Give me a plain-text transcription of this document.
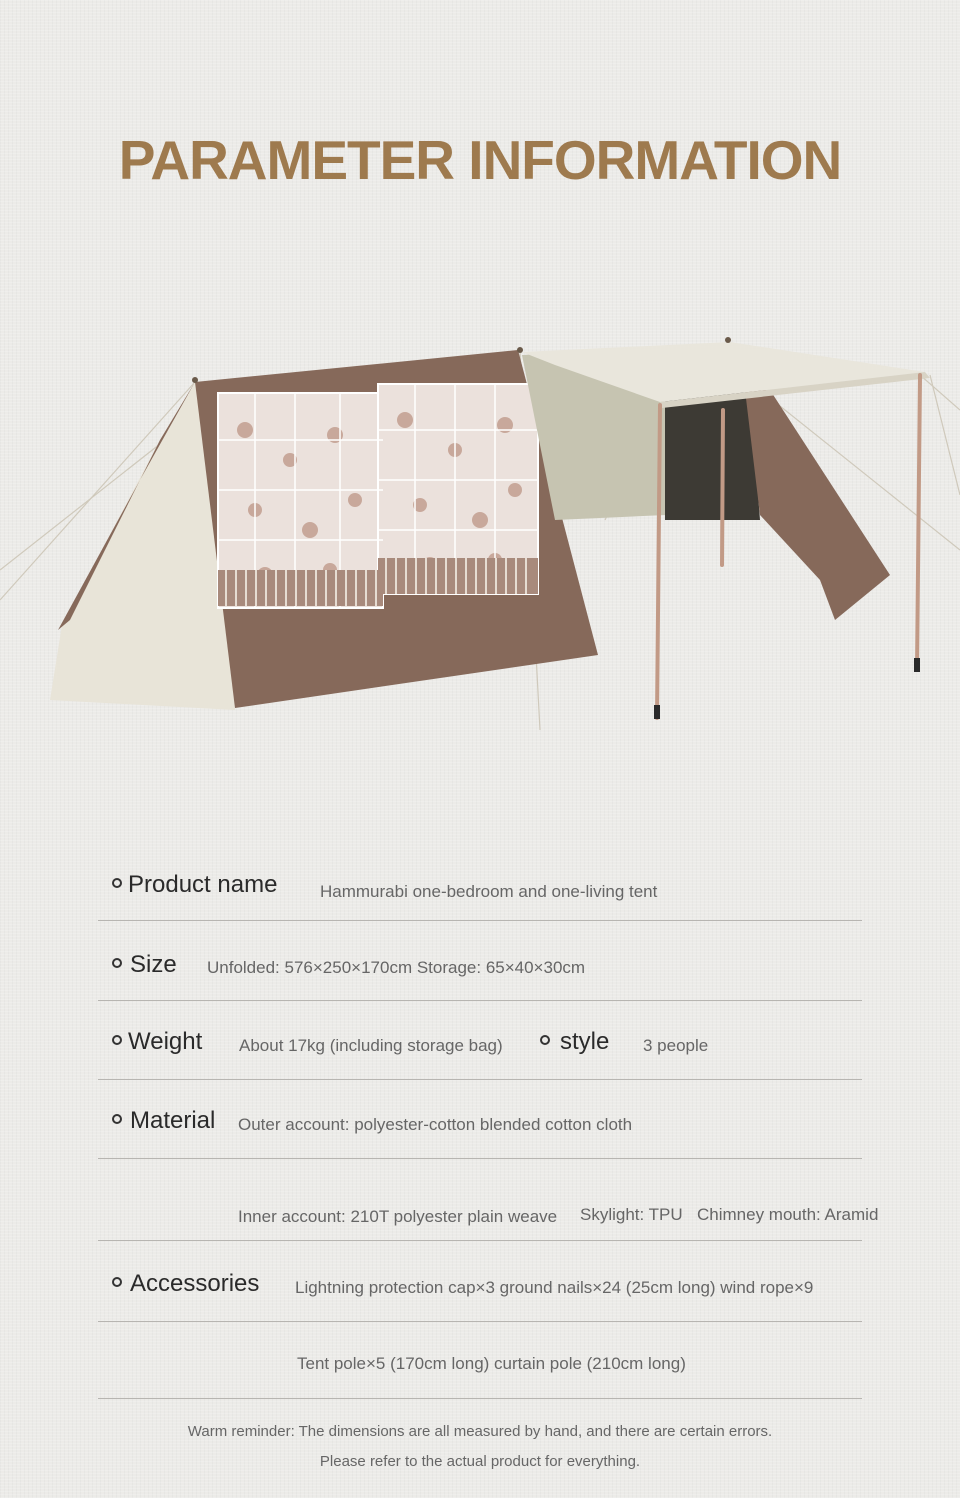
PARAMETER INFORMATION
Product name	Hammurabi one-bedroom and one-living tent
Size Unfolded: 576×250×170cm Storage: 65×40×30cm
Weight About 17kg (including storage bag) style 3 people
Material Outer account: polyester-cotton blended cotton cloth
Inner account: 210T polyester plain weave Skylight: TPU Chimney mouth: Aramid
Accessories Lightning protection cap×3 ground nails×24 (25cm long) wind rope×9
Tent pole×5 (170cm long) curtain pole (210cm long)
Warm reminder: The dimensions are all measured by hand, and there are certain errors.
Please refer to the actual product for everything.
